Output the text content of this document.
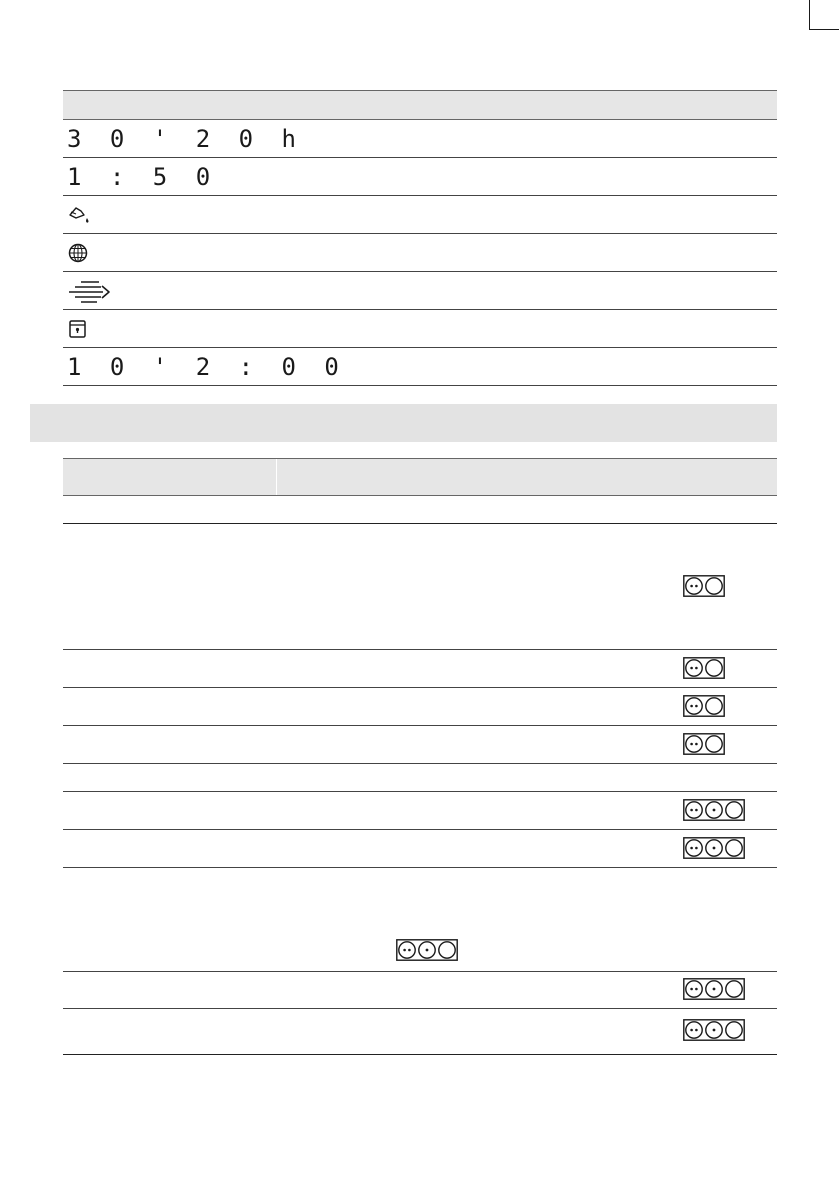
3 0 ' 2 0 h
1 : 5 0
1 0 ' 2 : 0 0
